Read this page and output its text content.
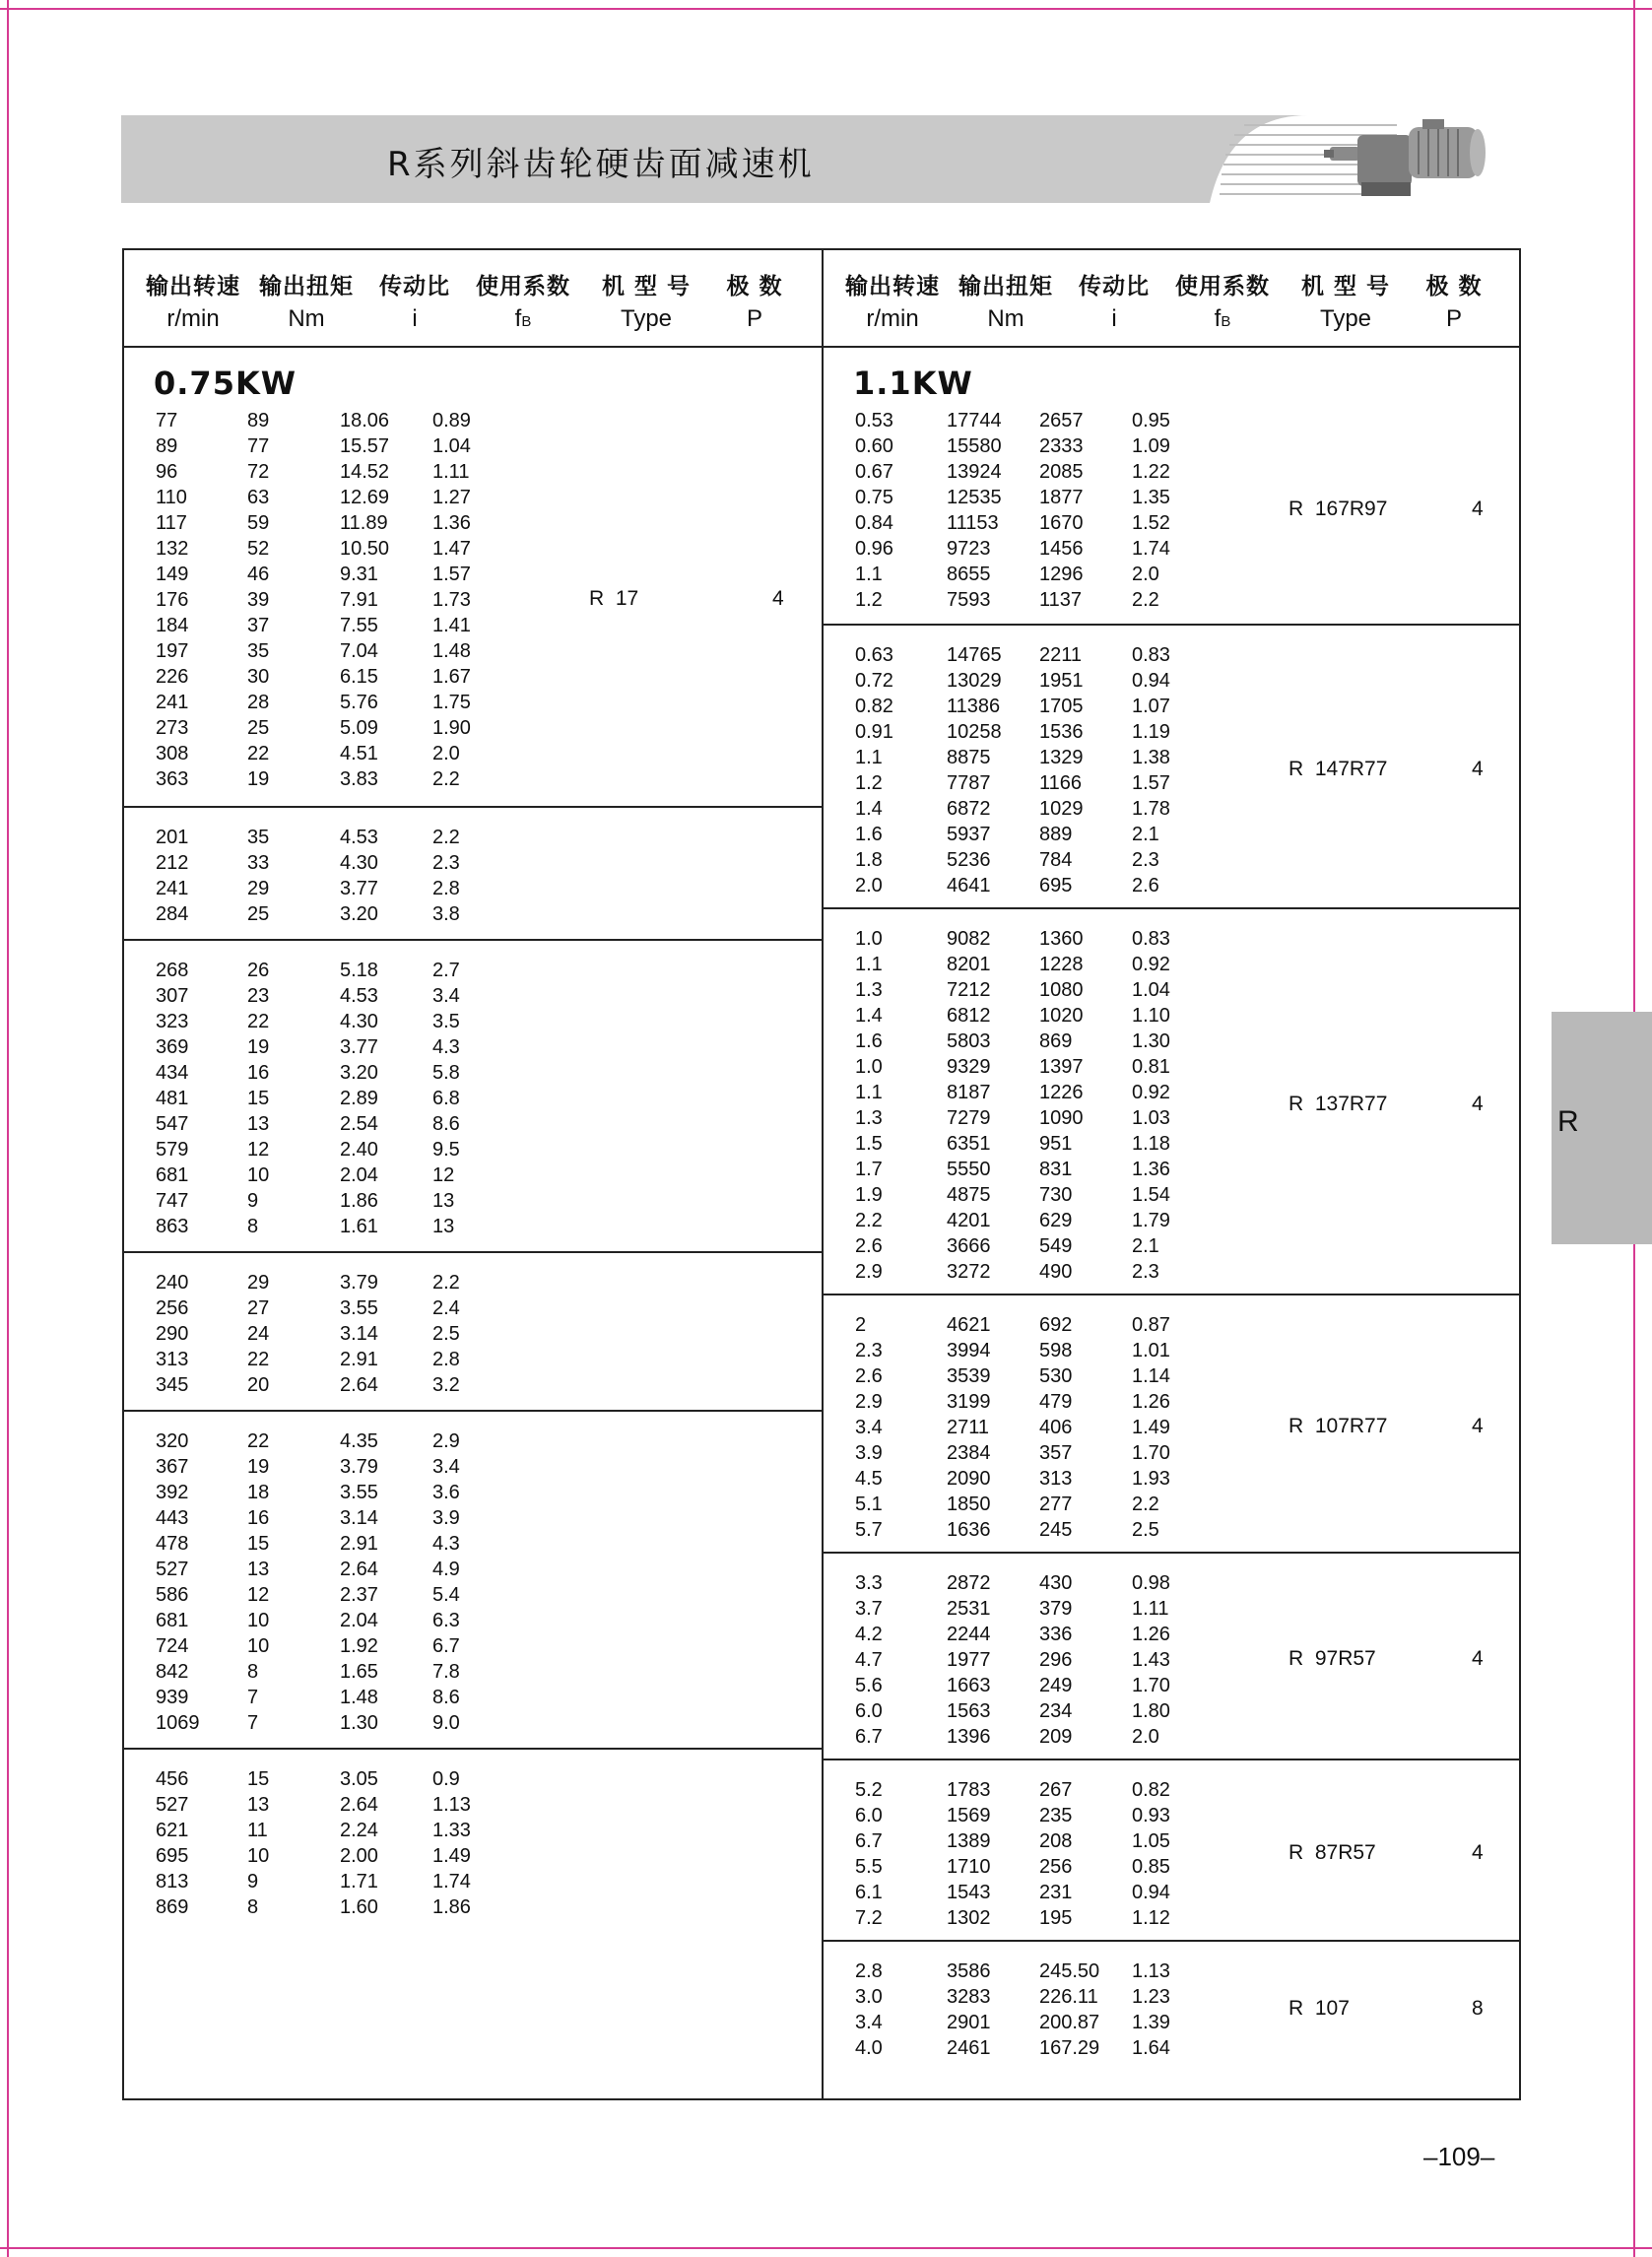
R系列斜齿轮硬齿面减速机
输出转速 输出扭矩	传动比	使用系数	机 型 号	极 数
r/min	Nm	i	fB	Type	P
0.75KW
77	89	18.06 0.89
89	77	15.57 1.04
96	72	14.52 1.11
110	63	12.69 1.27
117	59	11.89 1.36
132	52	10.50 1.47
149	46	9.31	1.57
176	39	7.91	1.73
184	37	7.55	1.41
197	35	7.04	1.48
226	30	6.15	1.67
241	28	5.76	1.75
273	25	5.09	1.90
308	22	4.51	2.0
363	19	3.83	2.2
R  17	4
201	35	4.53	2.2
212	33	4.30	2.3
241	29	3.77	2.8
284	25	3.20	3.8
268	26	5.18	2.7
307	23	4.53	3.4
323	22	4.30	3.5
369	19	3.77	4.3
434	16	3.20	5.8
481	15	2.89	6.8
547	13	2.54	8.6
579	12	2.40	9.5
681	10	2.04	12
747	9	1.86	13
863	8	1.61	13
240	29	3.79	2.2
256	27	3.55	2.4
290	24	3.14	2.5
313	22	2.91	2.8
345	20	2.64	3.2
320	22	4.35	2.9
367	19	3.79	3.4
392	18	3.55	3.6
443	16	3.14	3.9
478	15	2.91	4.3
527	13	2.64	4.9
586	12	2.37	5.4
681	10	2.04	6.3
724	10	1.92	6.7
842	8	1.65	7.8
939	7	1.48	8.6
1069 7	1.30	9.0
456	15	3.05	0.9
527	13	2.64	1.13
621	11	2.24	1.33
695	10	2.00	1.49
813	9	1.71	1.74
869	8	1.60	1.86
输出转速 输出扭矩	传动比	使用系数	机 型 号	极 数
r/min	Nm	i	fB	Type	P
1.1KW
0.53	17744 2657 0.95
0.60	15580 2333 1.09
0.67	13924 2085 1.22
0.75	12535 1877 1.35
0.84	11153 1670 1.52
0.96	9723 1456 1.74
1.1	8655 1296 2.0
1.2	7593 1137	2.2
R  167R97	4
0.63	14765 2211	0.83
0.72	13029 1951 0.94
0.82	11386 1705 1.07
0.91	10258 1536 1.19
1.1	8875 1329 1.38
1.2	7787 1166	1.57
1.4	6872 1029 1.78
1.6	5937 889	2.1
1.8	5236 784	2.3
2.0	4641 695	2.6
R  147R77	4
1.0	9082 1360 0.83
1.1	8201 1228 0.92
1.3	7212 1080 1.04
1.4	6812 1020 1.10
1.6	5803 869	1.30
1.0	9329 1397 0.81
1.1	8187 1226 0.92
1.3	7279 1090 1.03
1.5	6351 951	1.18
1.7	5550 831	1.36
1.9	4875 730	1.54
2.2	4201 629	1.79
2.6	3666 549	2.1
2.9	3272 490	2.3
R  137R77	4
2	4621 692	0.87
2.3	3994 598	1.01
2.6	3539 530	1.14
2.9	3199 479	1.26
3.4	2711	406	1.49
3.9	2384 357	1.70
4.5	2090 313	1.93
5.1	1850 277	2.2
5.7	1636 245	2.5
R  107R77	4
3.3	2872 430	0.98
3.7	2531 379	1.11
4.2	2244 336	1.26
4.7	1977 296	1.43
5.6	1663 249	1.70
6.0	1563 234	1.80
6.7	1396 209	2.0
R  97R57	4
5.2	1783 267	0.82
6.0	1569 235	0.93
6.7	1389 208	1.05
5.5	1710 256	0.85
6.1	1543 231	0.94
7.2	1302 195	1.12
R  87R57	4
2.8	3586 245.50 1.13
3.0	3283 226.11 1.23
3.4	2901 200.87 1.39
4.0	2461 167.29 1.64
R  107	8
R
–109–
